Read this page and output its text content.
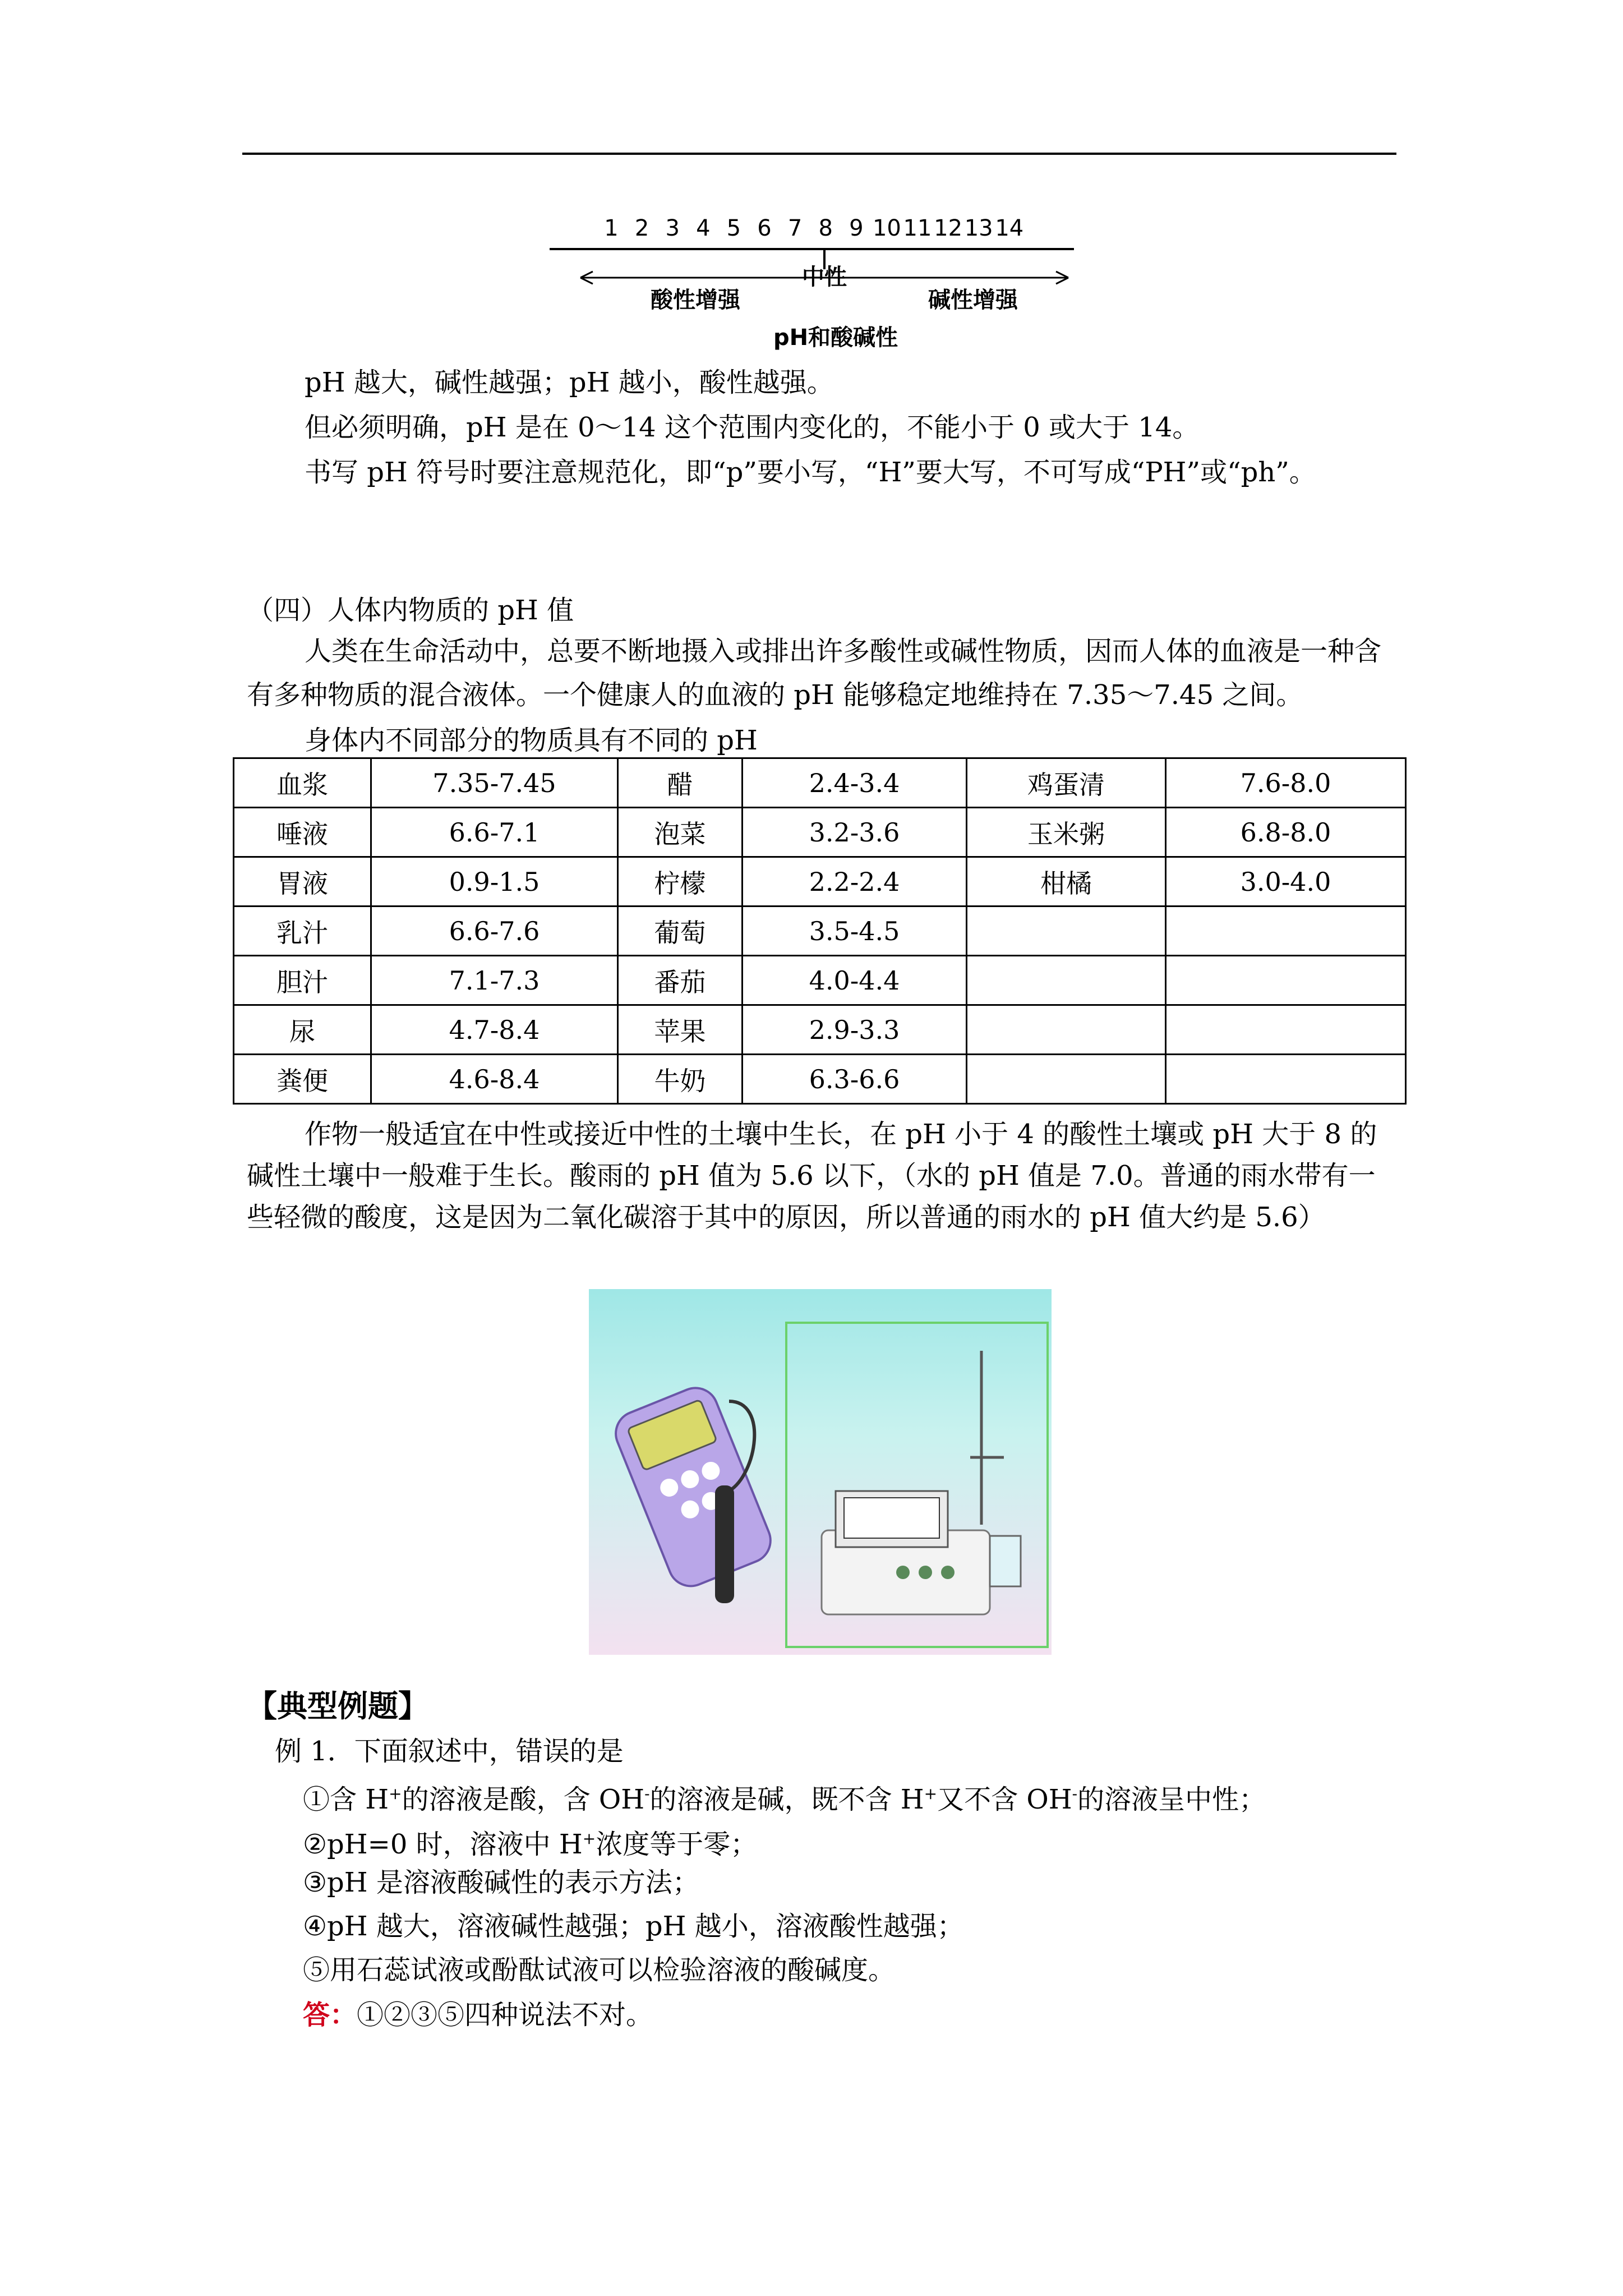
1 2 3 4 5 6 7 8 9 10 11 12 13 14
中性
酸性增强	碱性增强
pH和酸碱性

pH 越大，碱性越强；pH 越小，酸性越强。

但必须明确，pH 是在 0～14 这个范围内变化的，不能小于 0 或大于 14。

书写 pH 符号时要注意规范化，即“p”要小写，“H”要大写，不可写成“PH”或“ph”。

（四）人体内物质的 pH 值

人类在生命活动中，总要不断地摄入或排出许多酸性或碱性物质，因而人体的血液是一种含有多种物质的混合液体。一个健康人的血液的 pH 能够稳定地维持在 7.35～7.45 之间。

身体内不同部分的物质具有不同的 pH

血浆	7.35-7.45	醋	2.4-3.4	鸡蛋清	7.6-8.0
唾液	6.6-7.1	泡菜	3.2-3.6	玉米粥	6.8-8.0
胃液	0.9-1.5	柠檬	2.2-2.4	柑橘	3.0-4.0
乳汁	6.6-7.6	葡萄	3.5-4.5		
胆汁	7.1-7.3	番茄	4.0-4.4		
尿	4.7-8.4	苹果	2.9-3.3		
粪便	4.6-8.4	牛奶	6.3-6.6		

作物一般适宜在中性或接近中性的土壤中生长，在 pH 小于 4 的酸性土壤或 pH 大于 8 的碱性土壤中一般难于生长。酸雨的 pH 值为 5.6 以下，（水的 pH 值是 7.0。普通的雨水带有一些轻微的酸度，这是因为二氧化碳溶于其中的原因，所以普通的雨水的 pH 值大约是 5.6）

【典型例题】
例 1．下面叙述中，错误的是
①含 H+的溶液是酸，含 OH-的溶液是碱，既不含 H+又不含 OH-的溶液呈中性；
②pH=0 时，溶液中 H+浓度等于零；
③pH 是溶液酸碱性的表示方法；
④pH 越大，溶液碱性越强；pH 越小，溶液酸性越强；
⑤用石蕊试液或酚酞试液可以检验溶液的酸碱度。
答：①②③⑤四种说法不对。
